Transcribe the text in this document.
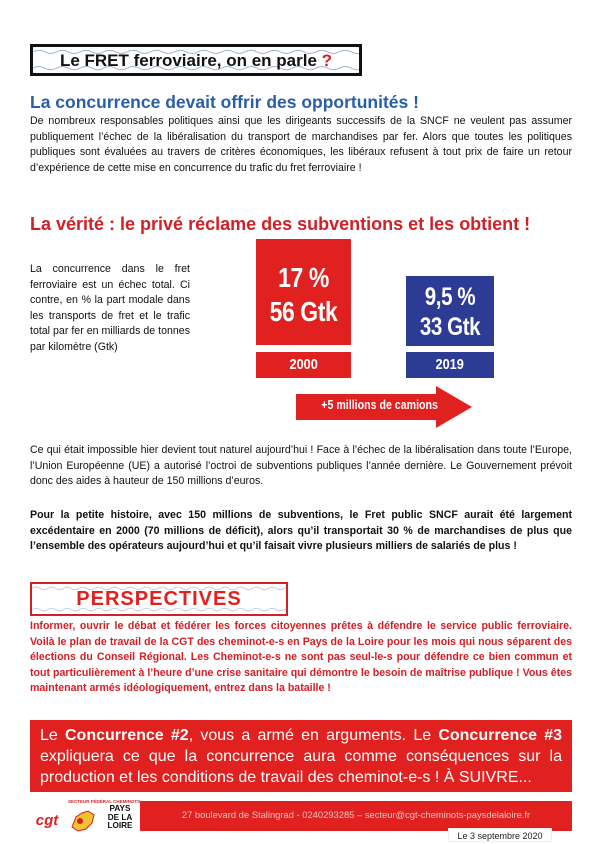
Le FRET ferroviaire, on en parle ?
La concurrence devait offrir des opportunités !

De nombreux responsables politiques ainsi que les dirigeants successifs de la SNCF ne veulent pas assumer publiquement l’échec de la libéralisation du transport de marchandises par fer. Alors que toutes les politiques publiques sont évaluées au travers de critères économiques, les libéraux refusent à tout prix de faire un retour d’expérience de cette mise en concurrence du trafic du fret ferroviaire !

La vérité : le privé réclame des subventions et les obtient !

La concurrence dans le fret ferroviaire est un échec total. Ci contre, en % la part modale dans les transports de fret et le trafic total par fer en milliards de tonnes par kilomètre (Gtk)

17 %
56 Gtk
2000
9,5 %
33 Gtk
2019
+5 millions de camions

Ce qui était impossible hier devient tout naturel aujourd’hui ! Face à l’échec de la libéralisation dans toute l’Europe, l’Union Européenne (UE) a autorisé l’octroi de subventions publiques l’année dernière. Le Gouvernement prévoit donc des aides à hauteur de 150 millions d’euros.

Pour la petite histoire, avec 150 millions de subventions, le Fret public SNCF aurait été largement excédentaire en 2000 (70 millions de déficit), alors qu’il transportait 30 % de marchandises de plus que l’ensemble des opérateurs aujourd’hui et qu’il faisait vivre plusieurs milliers de salariés de plus !

PERSPECTIVES

Informer, ouvrir le débat et fédérer les forces citoyennes prêtes à défendre le service public ferroviaire. Voilà le plan de travail de la CGT des cheminot-e-s en Pays de la Loire pour les mois qui nous séparent des élections du Conseil Régional. Les Cheminot-e-s ne sont pas seul-le-s pour défendre ce bien commun et tout particulièrement à l’heure d’une crise sanitaire qui démontre le besoin de maîtrise publique ! Vous êtes maintenant armés idéologiquement, entrez dans la bataille !

Le Concurrence #2, vous a armé en arguments. Le Concurrence #3 expliquera ce que la concurrence aura comme conséquences sur la production et les conditions de travail des cheminot-e-s ! À SUIVRE...
cgt
SECTEUR FÉDÉRAL CHEMINOTS
PAYS
DE LA
LOIRE
27 boulevard de Stalingrad - 0240293285 – secteur@cgt-cheminots-paysdelaloire.fr
Le 3 septembre 2020
